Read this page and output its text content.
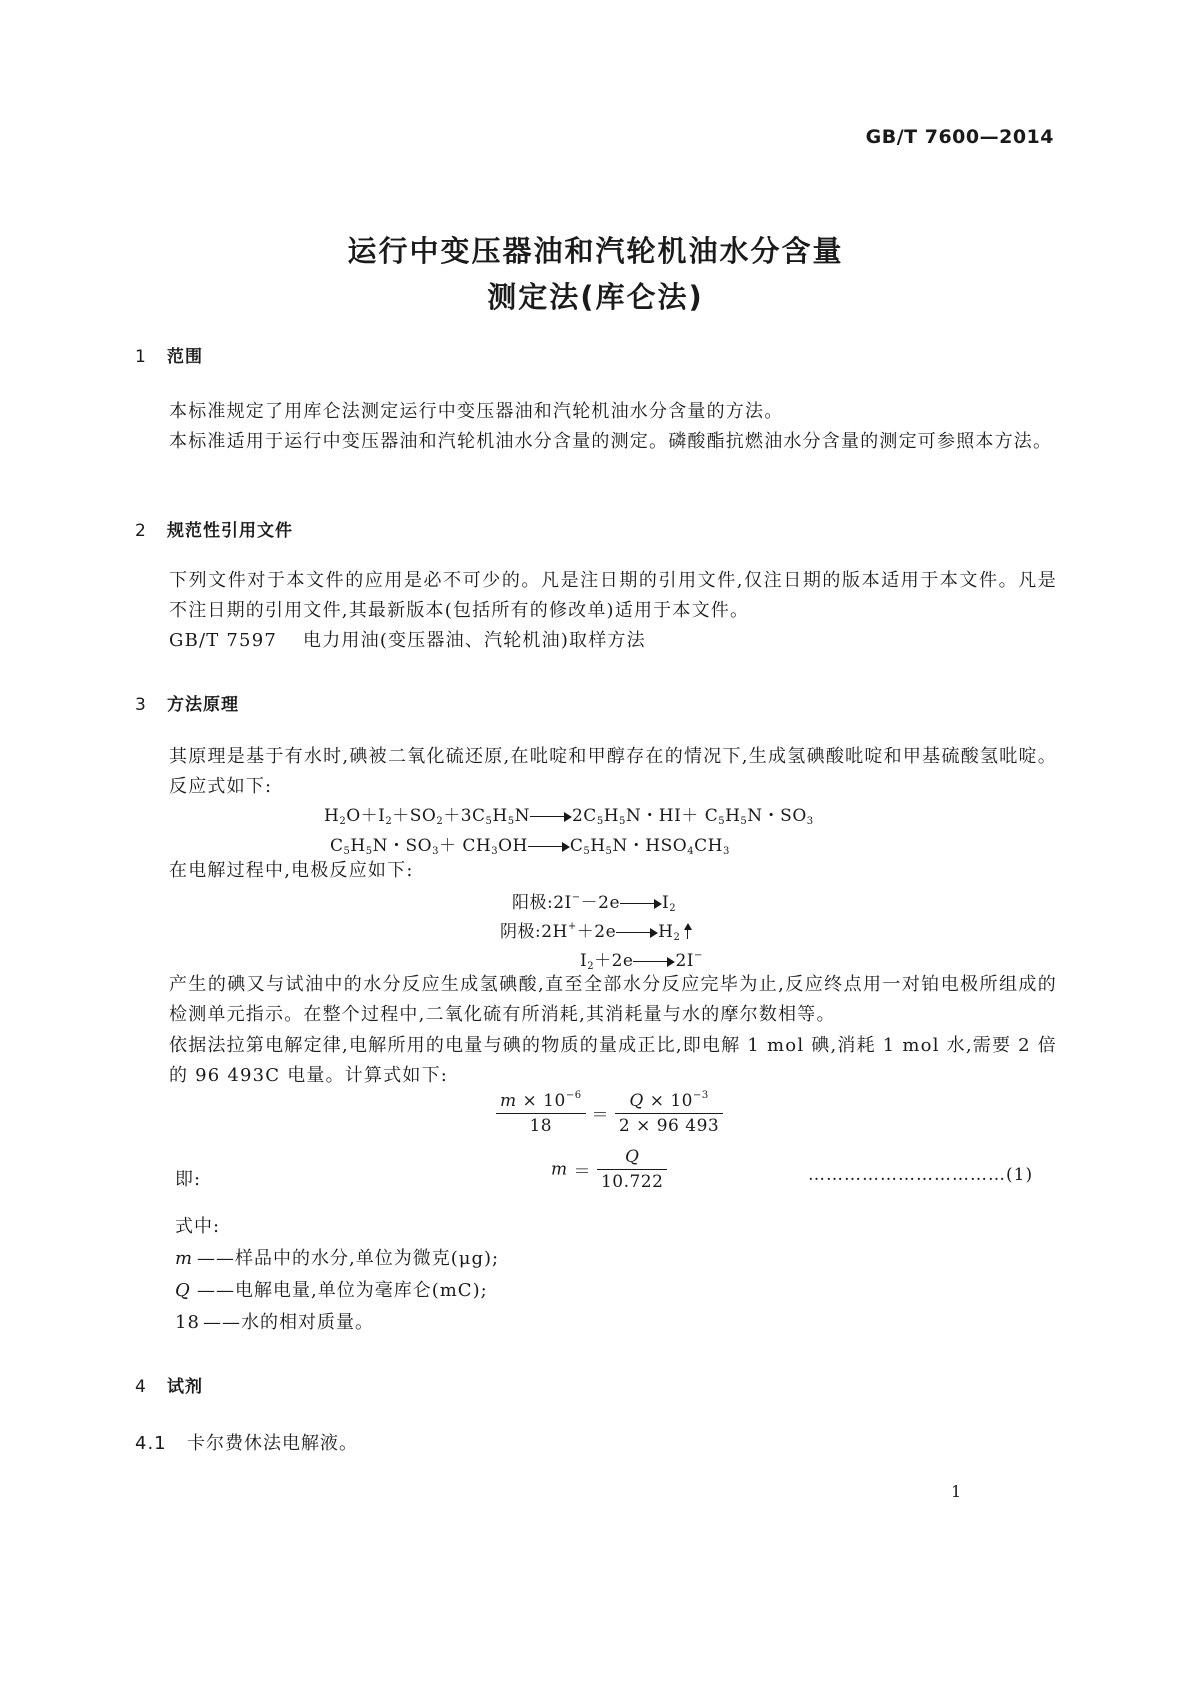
GB/T 7600—2014
运行中变压器油和汽轮机油水分含量
测定法(库仑法)
1 范围
本标准规定了用库仑法测定运行中变压器油和汽轮机油水分含量的方法。
本标准适用于运行中变压器油和汽轮机油水分含量的测定。磷酸酯抗燃油水分含量的测定可参照本方法。
2 规范性引用文件
下列文件对于本文件的应用是必不可少的。凡是注日期的引用文件,仅注日期的版本适用于本文件。凡是不注日期的引用文件,其最新版本(包括所有的修改单)适用于本文件。
GB/T 7597 电力用油(变压器油、汽轮机油)取样方法
3 方法原理
其原理是基于有水时,碘被二氧化硫还原,在吡啶和甲醇存在的情况下,生成氢碘酸吡啶和甲基硫酸氢吡啶。反应式如下:
$H_2O+I_2+SO_2+3C_5H_5N$ $2C_5H_5N$・$HI+ C_5H_5N$・$SO_3$
$C_5H_5N$・$SO_3+ CH_3OH$ $C_5H_5N$・$HSO_4CH_3$
在电解过程中,电极反应如下:
阳极:2I−－2e $I_2$
阴极:2H+＋2e $H_2$
$I_2+2e$ 2I−
产生的碘又与试油中的水分反应生成氢碘酸,直至全部水分反应完毕为止,反应终点用一对铂电极所组成的检测单元指示。在整个过程中,二氧化硫有所消耗,其消耗量与水的摩尔数相等。
依据法拉第电解定律,电解所用的电量与碘的物质的量成正比,即电解 1 mol 碘,消耗 1 mol 水,需要 2 倍的 96 493C 电量。计算式如下:
$\frac{m \times 10^{-6}}{18} = \frac{Q \times 10^{-3}}{2 \times 96 493}$
即:	$m = \frac{Q}{10.722}$	……………………………(1)
式中:
m ——样品中的水分,单位为微克(μg);
Q ——电解电量,单位为毫库仑(mC);
18 ——水的相对质量。
4 试剂
4.1 卡尔费休法电解液。
1
